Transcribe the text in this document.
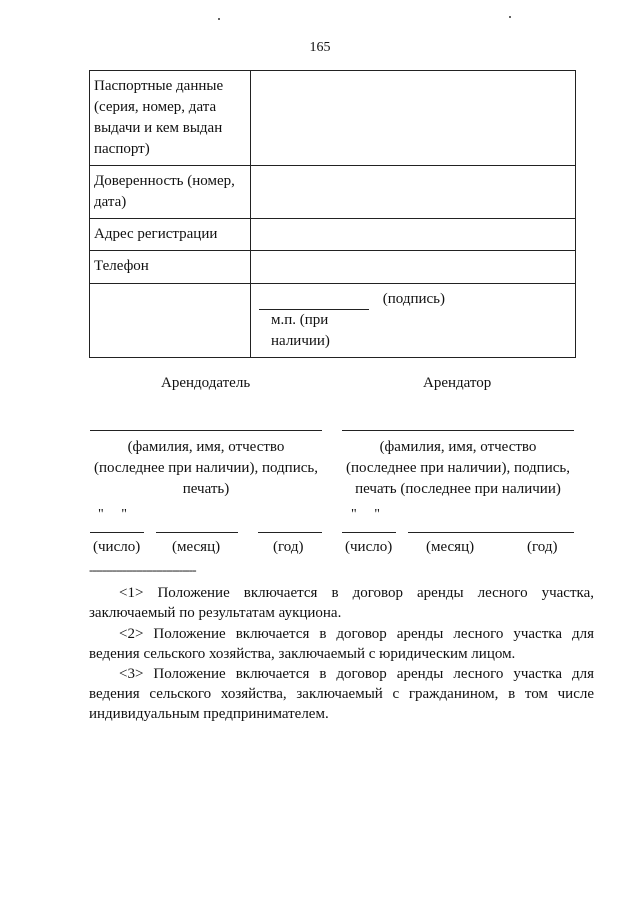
165
Паспортные данные
(серия, номер, дата
выдачи и кем выдан
паспорт)	

Доверенность (номер,
дата)	

Адрес регистрации	

Телефон	

	(подпись)
м.п. (при
наличии)
Арендодатель	Арендатор
(фамилия, имя, отчество
(последнее при наличии), подпись,
печать)
(фамилия, имя, отчество
(последнее при наличии), подпись,
печать (последнее при наличии)
"     "	"     "
(число) (месяц)	(год)	(число) (месяц)	(год)
--------------------------------
<1> Положение включается в договор аренды лесного участка, заключаемый по результатам аукциона.
<2> Положение включается в договор аренды лесного участка для ведения сельского хозяйства, заключаемый с юридическим лицом.
<3> Положение включается в договор аренды лесного участка для ведения сельского хозяйства, заключаемый с гражданином, в том числе индивидуальным предпринимателем.
